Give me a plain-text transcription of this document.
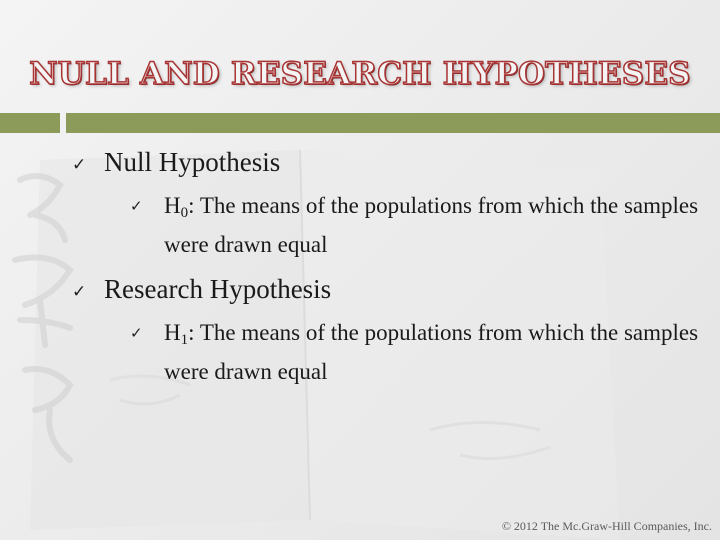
NULL AND RESEARCH HYPOTHESES
✓ Null Hypothesis
✓ H0: The means of the populations from which the samples were drawn equal
✓ Research Hypothesis
✓ H1: The means of the populations from which the samples were drawn equal
© 2012 The Mc.Graw-Hill Companies, Inc.
